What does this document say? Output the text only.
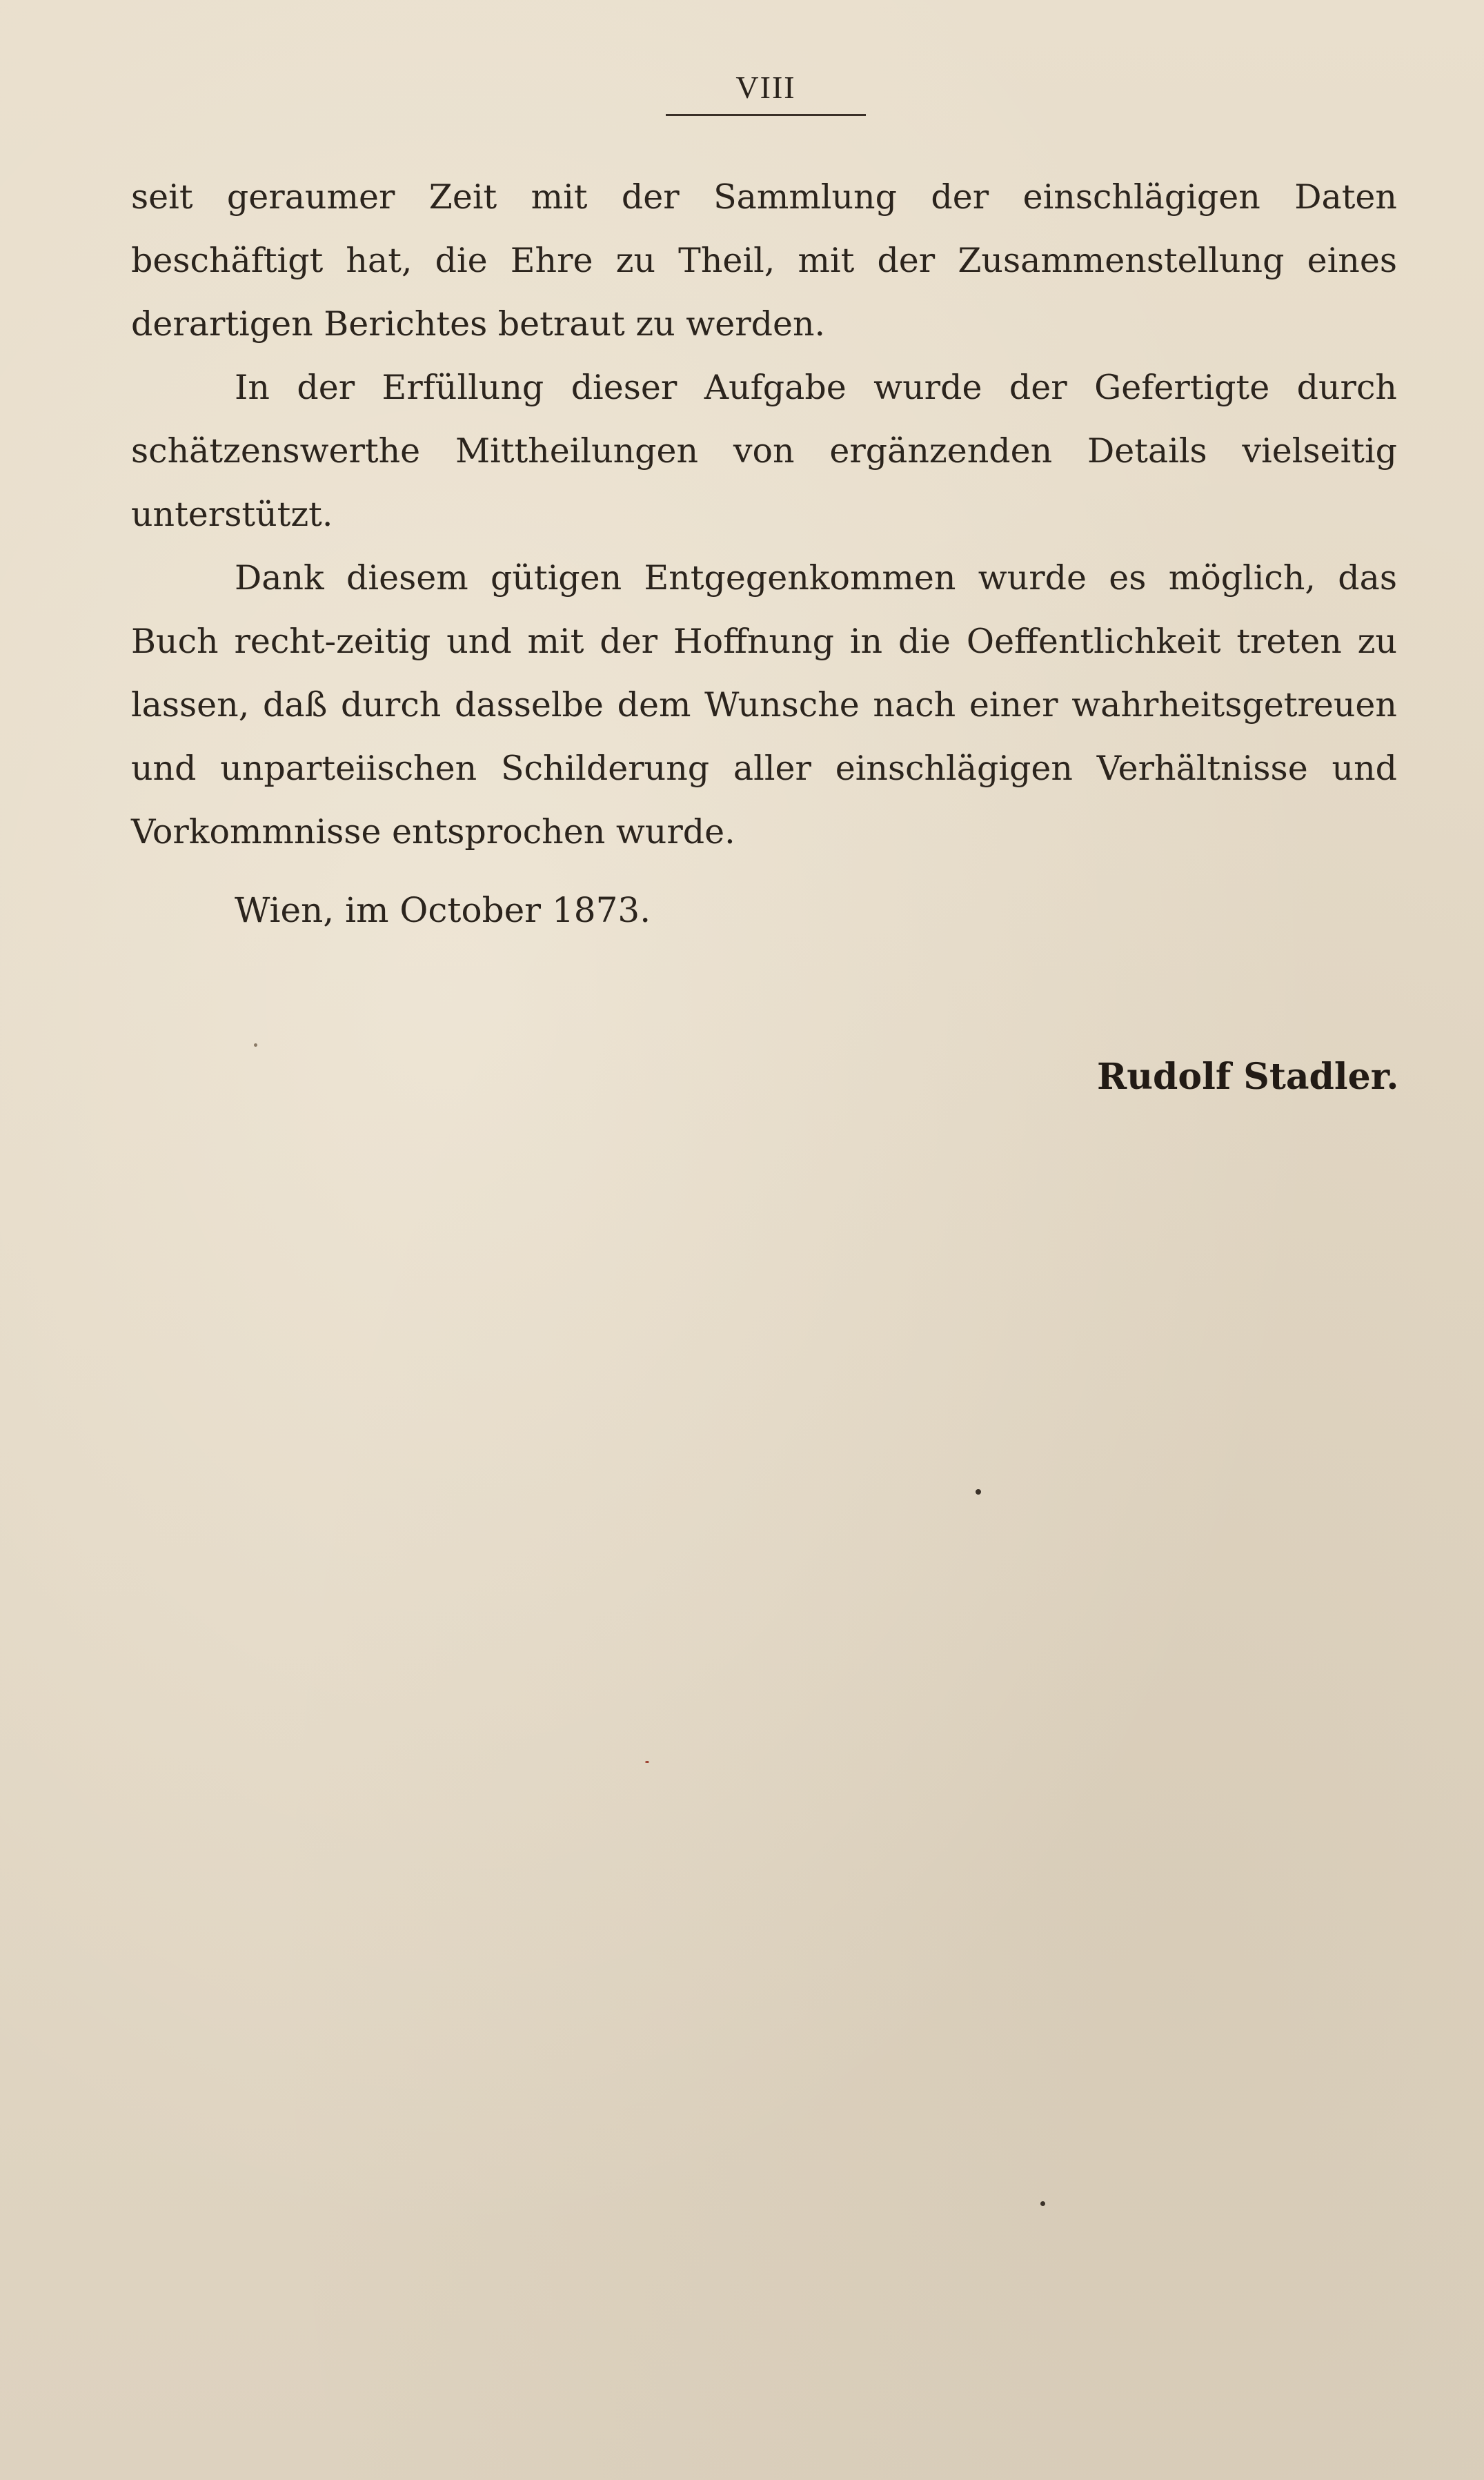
VIII

seit geraumer Zeit mit der Sammlung der einschlägigen Daten beschäftigt hat, die Ehre zu Theil, mit der Zusammenstellung eines derartigen Berichtes betraut zu werden.

In der Erfüllung dieser Aufgabe wurde der Gefertigte durch schätzenswerthe Mittheilungen von ergänzenden Details vielseitig unterstützt.

Dank diesem gütigen Entgegenkommen wurde es möglich, das Buch recht-zeitig und mit der Hoffnung in die Oeffentlichkeit treten zu lassen, daß durch dasselbe dem Wunsche nach einer wahrheitsgetreuen und unparteiischen Schilderung aller einschlägigen Verhältnisse und Vorkommnisse entsprochen wurde.

Wien, im October 1873.
Rudolf Stadler.
